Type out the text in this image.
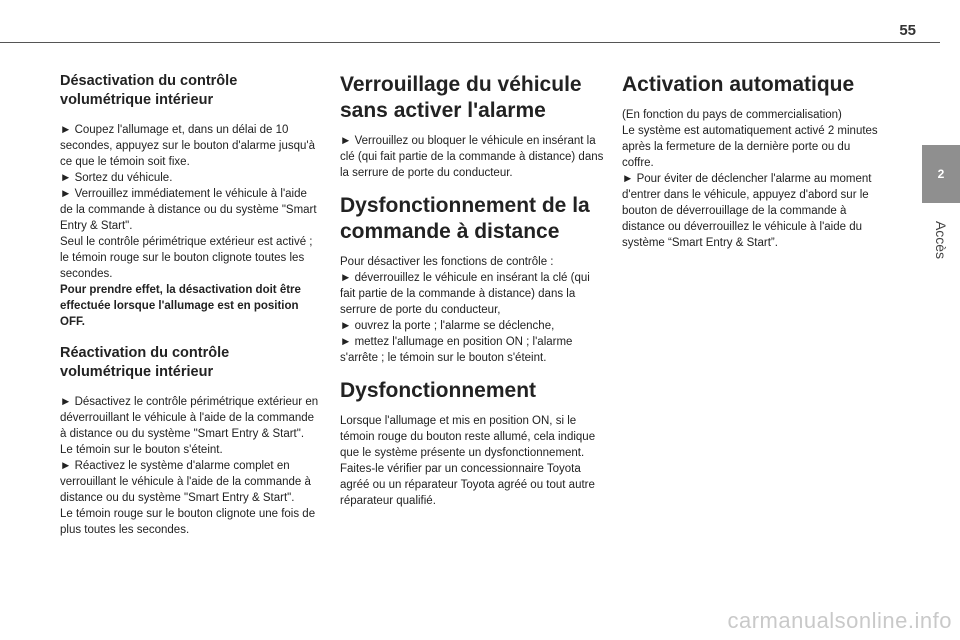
55
Désactivation du contrôle volumétrique intérieur

► Coupez l'allumage et, dans un délai de 10 secondes, appuyez sur le bouton d'alarme jusqu'à ce que le témoin soit fixe.

► Sortez du véhicule.

► Verrouillez immédiatement le véhicule à l'aide de la commande à distance ou du système "Smart Entry & Start".

Seul le contrôle périmétrique extérieur est activé ; le témoin rouge sur le bouton clignote toutes les secondes.

Pour prendre effet, la désactivation doit être effectuée lorsque l'allumage est en position OFF.

Réactivation du contrôle volumétrique intérieur

► Désactivez le contrôle périmétrique extérieur en déverrouillant le véhicule à l'aide de la commande à distance ou du système "Smart Entry & Start".

Le témoin sur le bouton s'éteint.

► Réactivez le système d'alarme complet en verrouillant le véhicule à l'aide de la commande à distance ou du système "Smart Entry & Start".

Le témoin rouge sur le bouton clignote une fois de plus toutes les secondes.

Verrouillage du véhicule sans activer l'alarme

► Verrouillez ou bloquer le véhicule en insérant la clé (qui fait partie de la commande à distance) dans la serrure de porte du conducteur.

Dysfonctionnement de la commande à distance

Pour désactiver les fonctions de contrôle :

► déverrouillez le véhicule en insérant la clé (qui fait partie de la commande à distance) dans la serrure de porte du conducteur,

► ouvrez la porte ; l'alarme se déclenche,

► mettez l'allumage en position ON ; l'alarme s'arrête ; le témoin sur le bouton s'éteint.

Dysfonctionnement

Lorsque l'allumage et mis en position ON, si le témoin rouge du bouton reste allumé, cela indique que le système présente un dysfonctionnement.

Faites-le vérifier par un concessionnaire Toyota agréé ou un réparateur Toyota agréé ou tout autre réparateur qualifié.

Activation automatique

(En fonction du pays de commercialisation)

Le système est automatiquement activé 2 minutes après la fermeture de la dernière porte ou du coffre.

► Pour éviter de déclencher l'alarme au moment d'entrer dans le véhicule, appuyez d'abord sur le bouton de déverrouillage de la commande à distance ou déverrouillez le véhicule à l'aide du système “Smart Entry & Start”.

2
Accès
carmanualsonline.info
